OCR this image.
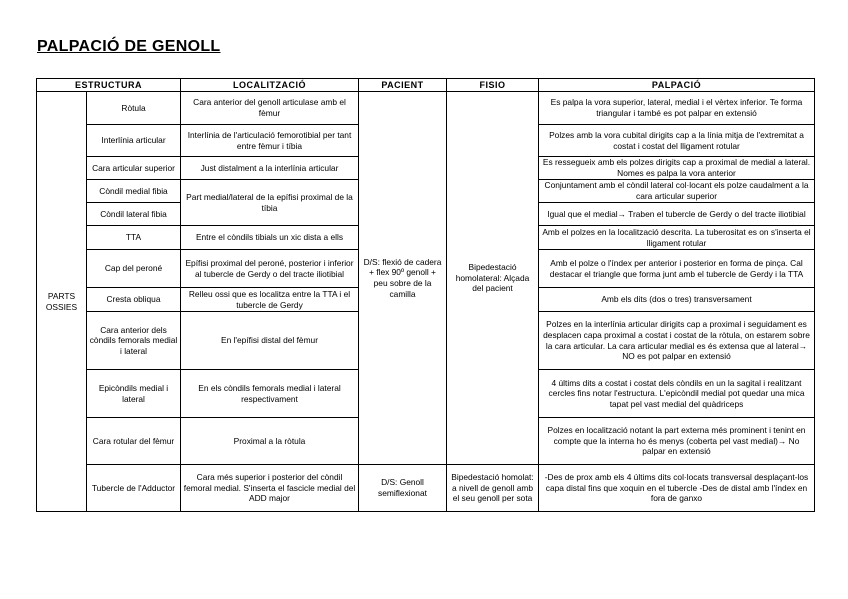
PALPACIÓ DE GENOLL
ESTRUCTURA		LOCALITZACIÓ	PACIENT	FISIO	PALPACIÓ
PARTS OSSIES	Ròtula	Cara anterior del genoll articulase amb el fèmur	D/S: flexió de cadera + flex 90º genoll + peu sobre de la camilla	Bipedestació homolateral: Alçada del pacient	Es palpa la vora superior, lateral, medial i el vèrtex inferior. Te forma triangular i també es pot palpar en extensió
	Interlínia articular	Interlínia de l'articulació femorotibial per tant entre fèmur i tíbia			Polzes amb la vora cubital dirigits cap a la línia mitja de l'extremitat a costat i costat del lligament rotular
	Cara articular superior	Just distalment a la interlínia articular			Es ressegueix amb els polzes dirigits cap a proximal de medial a lateral. Nomes es palpa la vora anterior
	Còndil medial fibia	Part medial/lateral de la epífisi proximal de la tíbia			Conjuntament amb el còndil lateral col·locant els polze caudalment a la cara articular superior
	Còndil lateral fibia				Igual que el medial→ Traben el tubercle de Gerdy o del tracte iliotibial
	TTA	Entre el còndils tibials un xic dista a ells			Amb el polzes en la localització descrita. La tuberositat es on s'inserta el lligament rotular
	Cap del peroné	Epífisi proximal del peroné, posterior i inferior al tubercle de Gerdy o del tracte iliotibial			Amb el polze o l'índex per anterior i posterior en forma de pinça. Cal destacar el triangle que forma junt amb el tubercle de Gerdy i la TTA
	Cresta obliqua	Relleu ossi que es localitza entre la TTA i el tubercle de Gerdy			Amb els dits (dos o tres) transversament
	Cara anterior dels còndils femorals medial i lateral	En l'epífisi distal del fèmur			Polzes en la interlínia articular dirigits cap a proximal i seguidament es desplacen capa proximal a costat i costat de la ròtula, on estarem sobre la cara articular. La cara articular medial es és extensa que al lateral→ NO es pot palpar en extensió
	Epicòndils medial i lateral	En els còndils femorals medial i lateral respectivament			4 últims dits a costat i costat dels còndils en un la sagital i realitzant cercles fins notar l'estructura. L'epicòndil medial pot quedar una mica tapat pel vast medial del quàdriceps
	Cara rotular del fèmur	Proximal a la ròtula			Polzes en localització notant la part externa més prominent i tenint en compte que la interna ho és menys (coberta pel vast medial)→ No palpar en extensió
	Tubercle de l'Adductor	Cara més superior i posterior del còndil femoral medial. S'inserta el fascicle medial del ADD major	D/S: Genoll semiflexionat	Bipedestació homolat: a nivell de genoll amb el seu genoll per sota	-Des de prox amb els 4 últims dits col·locats transversal desplaçant-los capa distal fins que xoquin en el tubercle -Des de distal amb l'índex en fora de ganxo
